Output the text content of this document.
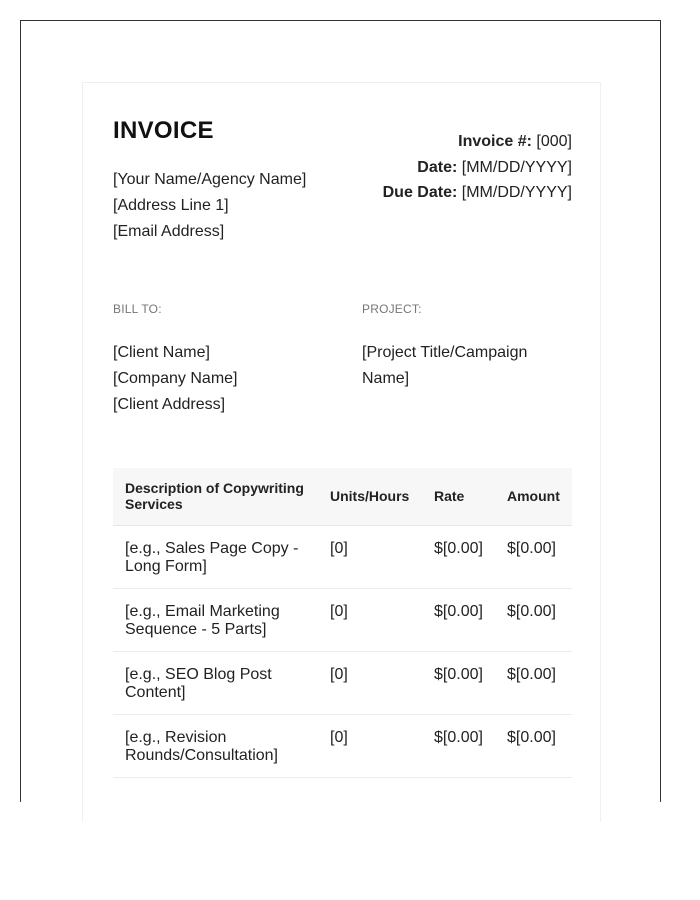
INVOICE
[Your Name/Agency Name]
[Address Line 1]
[Email Address]
Invoice #: [000]
Date: [MM/DD/YYYY]
Due Date: [MM/DD/YYYY]
BILL TO:
[Client Name]
[Company Name]
[Client Address]
PROJECT:
[Project Title/Campaign Name]
Description of Copywriting Services	Units/Hours	Rate	Amount
[e.g., Sales Page Copy - Long Form]	[0]	$[0.00]	$[0.00]
[e.g., Email Marketing Sequence - 5 Parts]	[0]	$[0.00]	$[0.00]
[e.g., SEO Blog Post Content]	[0]	$[0.00]	$[0.00]
[e.g., Revision Rounds/Consultation]	[0]	$[0.00]	$[0.00]
